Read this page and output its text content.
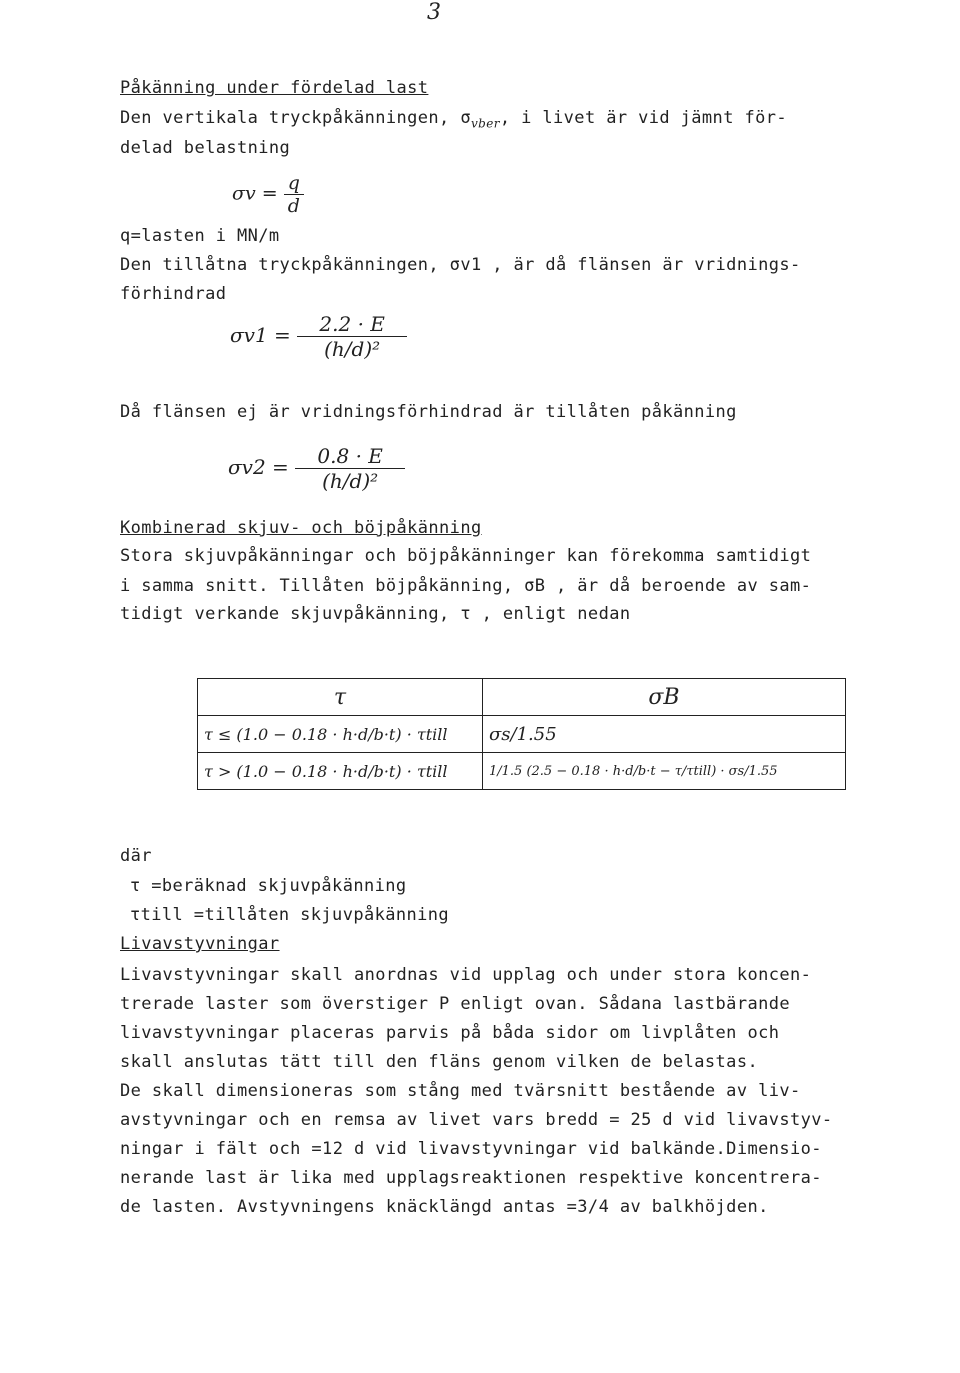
3
Påkänning under fördelad last
Den vertikala tryckpåkänningen, $\sigma_{vber}$, i livet är vid jämnt för-
delad belastning
$\sigma v = \frac{q}{d}$
q=lasten i MN/m
Den tillåtna tryckpåkänningen, σv1 , är då flänsen är vridnings-
förhindrad
$\sigma v1 = \frac{2.2 \cdot E}{\text{(h/d)²}}$
Då flänsen ej är vridningsförhindrad är tillåten påkänning
$\sigma v2 = \frac{0.8 \cdot E}{\text{(h/d)²}}$
Kombinerad skjuv- och böjpåkänning
Stora skjuvpåkänningar och böjpåkänninger kan förekomma samtidigt
i samma snitt. Tillåten böjpåkänning, σB , är då beroende av sam-
tidigt verkande skjuvpåkänning, τ , enligt nedan
τ	σB
τ ≤ (1.0 − 0.18 · h·d/b·t) · τtill	σs/1.55
τ > (1.0 − 0.18 · h·d/b·t) · τtill	1/1.5 (2.5 − 0.18 · h·d/b·t − τ/τtill) · σs/1.55
där
τ =beräknad skjuvpåkänning
τtill =tillåten skjuvpåkänning
Livavstyvningar
Livavstyvningar skall anordnas vid upplag och under stora koncen-
trerade laster som överstiger P enligt ovan. Sådana lastbärande
livavstyvningar placeras parvis på båda sidor om livplåten och
skall anslutas tätt till den fläns genom vilken de belastas.
De skall dimensioneras som stång med tvärsnitt bestående av liv-
avstyvningar och en remsa av livet vars bredd = 25 d vid livavstyv-
ningar i fält och =12 d vid livavstyvningar vid balkände.Dimensio-
nerande last är lika med upplagsreaktionen respektive koncentrera-
de lasten. Avstyvningens knäcklängd antas =3/4 av balkhöjden.
